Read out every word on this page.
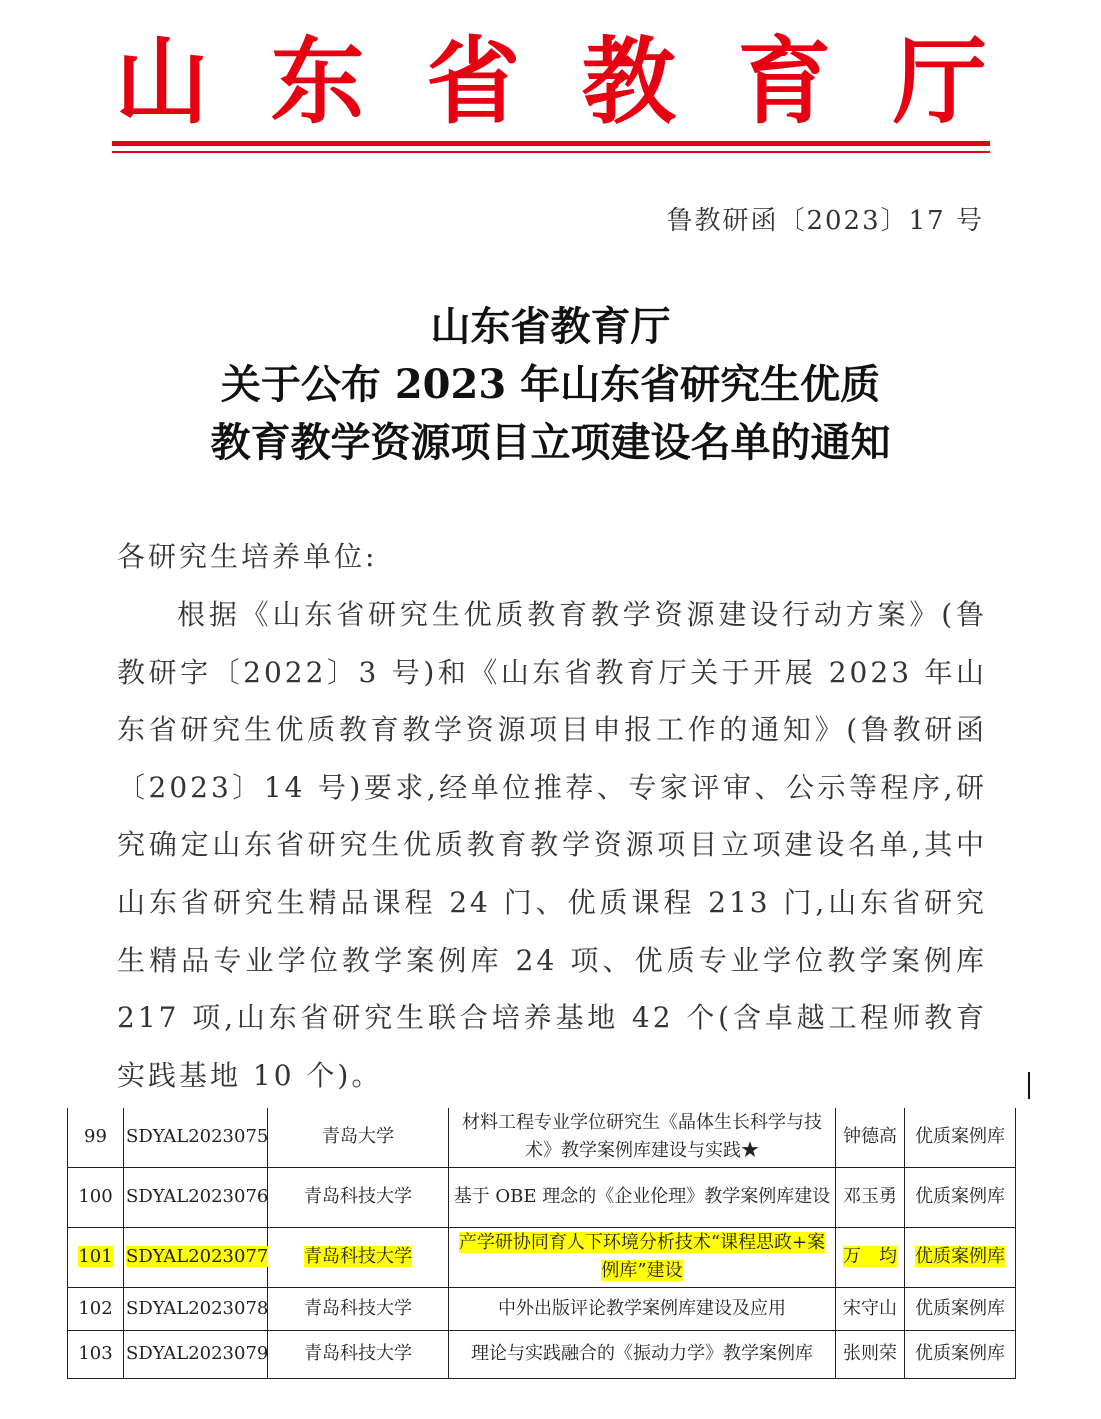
山 东 省 教 育 厅
鲁教研函〔2023〕17 号
山东省教育厅
关于公布 2023 年山东省研究生优质
教育教学资源项目立项建设名单的通知
各研究生培养单位:
根据《山东省研究生优质教育教学资源建设行动方案》(鲁教研字〔2022〕3 号)和《山东省教育厅关于开展 2023 年山东省研究生优质教育教学资源项目申报工作的通知》(鲁教研函〔2023〕14 号)要求,经单位推荐、专家评审、公示等程序,研究确定山东省研究生优质教育教学资源项目立项建设名单,其中山东省研究生精品课程 24 门、优质课程 213 门,山东省研究生精品专业学位教学案例库 24 项、优质专业学位教学案例库 217 项,山东省研究生联合培养基地 42 个(含卓越工程师教育实践基地 10 个)。
99	SDYAL2023075	青岛大学	材料工程专业学位研究生《晶体生长科学与技术》教学案例库建设与实践★	钟德高	优质案例库
100	SDYAL2023076	青岛科技大学	基于 OBE 理念的《企业伦理》教学案例库建设	邓玉勇	优质案例库
101	SDYAL2023077	青岛科技大学	产学研协同育人下环境分析技术“课程思政+案例库”建设	万　均	优质案例库
102	SDYAL2023078	青岛科技大学	中外出版评论教学案例库建设及应用	宋守山	优质案例库
103	SDYAL2023079	青岛科技大学	理论与实践融合的《振动力学》教学案例库	张则荣	优质案例库
